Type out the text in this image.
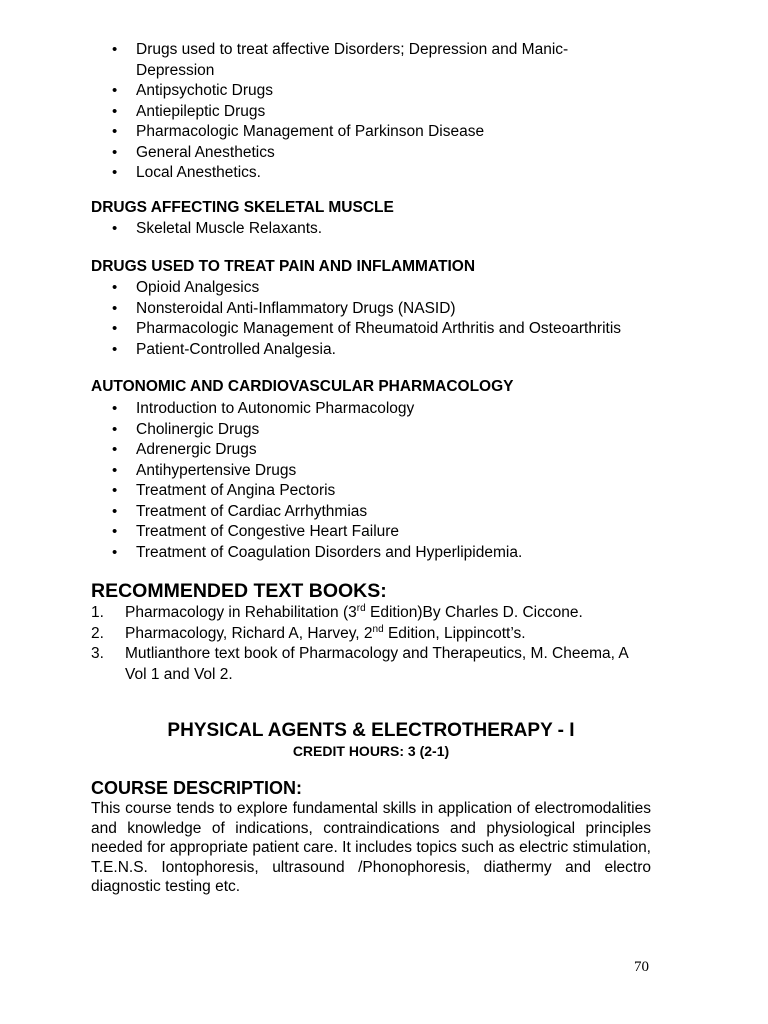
• Drugs used to treat affective Disorders; Depression and Manic-Depression
• Antipsychotic Drugs
• Antiepileptic Drugs
• Pharmacologic Management of Parkinson Disease
• General Anesthetics
• Local Anesthetics.
DRUGS AFFECTING SKELETAL MUSCLE
• Skeletal Muscle Relaxants.
DRUGS USED TO TREAT PAIN AND INFLAMMATION
• Opioid Analgesics
• Nonsteroidal Anti-Inflammatory Drugs (NASID)
• Pharmacologic Management of Rheumatoid Arthritis and Osteoarthritis
• Patient-Controlled Analgesia.
AUTONOMIC AND CARDIOVASCULAR PHARMACOLOGY
• Introduction to Autonomic Pharmacology
• Cholinergic Drugs
• Adrenergic Drugs
• Antihypertensive Drugs
• Treatment of Angina Pectoris
• Treatment of Cardiac Arrhythmias
• Treatment of Congestive Heart Failure
• Treatment of Coagulation Disorders and Hyperlipidemia.
RECOMMENDED TEXT BOOKS:
1. Pharmacology in Rehabilitation (3rd Edition)By Charles D. Ciccone.
2. Pharmacology, Richard A, Harvey, 2nd Edition, Lippincott’s.
3. Mutlianthore text book of Pharmacology and Therapeutics, M. Cheema, A Vol 1 and Vol 2.
PHYSICAL AGENTS & ELECTROTHERAPY - I
CREDIT HOURS: 3 (2-1)
COURSE DESCRIPTION:
This course tends to explore fundamental skills in application of electromodalities and knowledge of indications, contraindications and physiological principles needed for appropriate patient care. It includes topics such as electric stimulation, T.E.N.S. Iontophoresis, ultrasound /Phonophoresis, diathermy and electro diagnostic testing etc.
70
